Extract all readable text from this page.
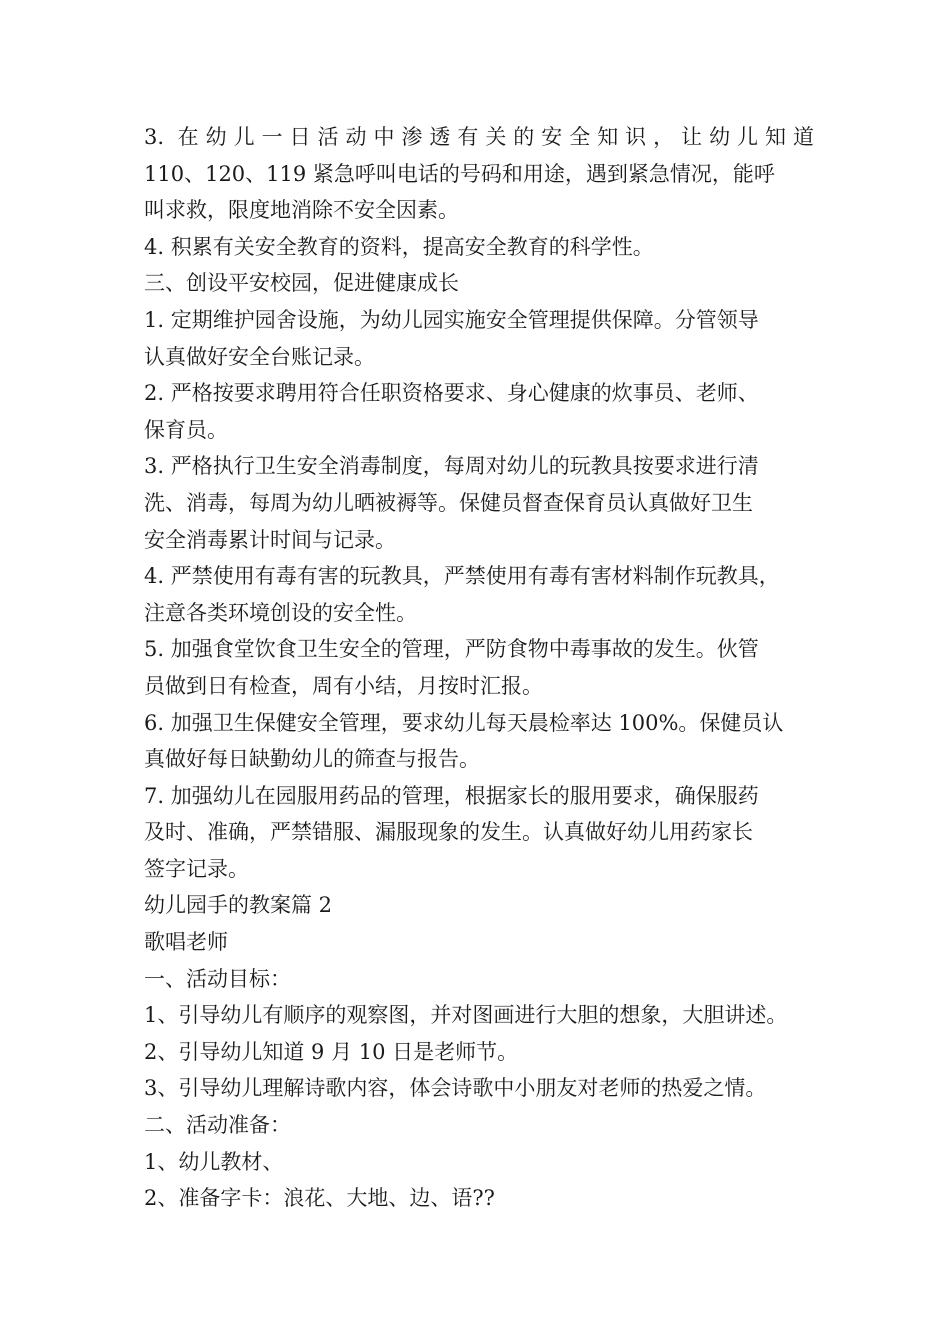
3. 在幼儿一日活动中渗透有关的安全知识，让幼儿知道
110、120、119 紧急呼叫电话的号码和用途，遇到紧急情况，能呼
叫求救，限度地消除不安全因素。
4. 积累有关安全教育的资料，提高安全教育的科学性。
三、创设平安校园，促进健康成长
1. 定期维护园舍设施，为幼儿园实施安全管理提供保障。分管领导
认真做好安全台账记录。
2. 严格按要求聘用符合任职资格要求、身心健康的炊事员、老师、
保育员。
3. 严格执行卫生安全消毒制度，每周对幼儿的玩教具按要求进行清
洗、消毒，每周为幼儿晒被褥等。保健员督查保育员认真做好卫生
安全消毒累计时间与记录。
4. 严禁使用有毒有害的玩教具，严禁使用有毒有害材料制作玩教具，
注意各类环境创设的安全性。
5. 加强食堂饮食卫生安全的管理，严防食物中毒事故的发生。伙管
员做到日有检查，周有小结，月按时汇报。
6. 加强卫生保健安全管理，要求幼儿每天晨检率达 100%。保健员认
真做好每日缺勤幼儿的筛查与报告。
7. 加强幼儿在园服用药品的管理，根据家长的服用要求，确保服药
及时、准确，严禁错服、漏服现象的发生。认真做好幼儿用药家长
签字记录。
幼儿园手的教案篇 2
歌唱老师
一、活动目标：
1、引导幼儿有顺序的观察图，并对图画进行大胆的想象，大胆讲述。
2、引导幼儿知道 9 月 10 日是老师节。
3、引导幼儿理解诗歌内容，体会诗歌中小朋友对老师的热爱之情。
二、活动准备：
1、幼儿教材、
2、准备字卡：浪花、大地、边、语??
